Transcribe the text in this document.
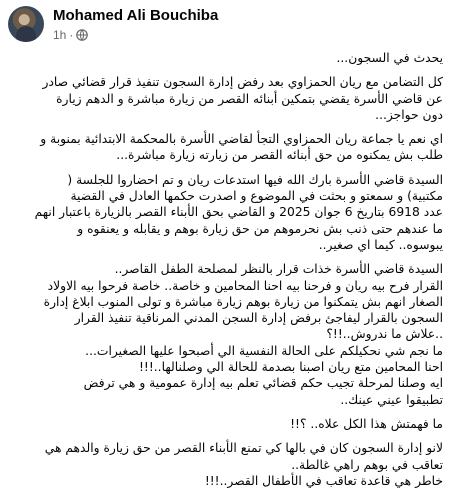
Mohamed Ali Bouchiba
1h ·
يحدث في السجون...
كل التضامن مع ريان الحمزاوي بعد رفض إدارة السجون تنفيذ قرار قضائي صادر
عن قاضي الأسرة يقضي بتمكين أبنائه القصر من زيارة مباشرة و الدهم زيارة
دون حواجز...
اي نعم يا جماعة ريان الحمزاوي التجأ لقاضي الأسرة بالمحكمة الابتدائية بمنوبة و
طلب بش يمكنوه من حق أبنائه القصر من زيارته زيارة مباشرة...
السيدة قاضي الأسرة بارك الله فيها استدعات ريان و تم احضاروا للجلسة (
مكتبية) و سمعتو و بحثت في الموضوع و اصدرت حكمها العادل في القضية
عدد 6918 بتاريخ 6 جوان 2025 و القاضي بحق الأبناء القصر بالزيارة باعتبار انهم
ما عندهم حتى ذنب بش نحرموهم من حق زيارة بوهم و يقابله و يعنقوه و
يبوسوه.. كيما اي صغير..
السيدة قاضي الأسرة خذات قرار بالنظر لمصلحة الطفل القاصر..
القرار فرح بيه ريان و فرحنا بيه احنا المحامين و خاصة.. خاصة فرحوا بيه الاولاد
الصغار انهم بش يتمكنوا من زيارة بوهم زيارة مباشرة و تولى المنوب ابلاغ إدارة
السجون بالقرار ليفاجئ برفض إدارة السجن المدني المرناقية تنفيذ القرار
..علاش ما ندروش..!!؟
ما نجم شي نحكيلكم على الحالة النفسية الي أصبحوا عليها الصغيرات...
احنا المحامين متع ريان اصبنا بصدمة للحالة الي وصلنالها..!!!
ايه وصلنا لمرحلة تجيب حكم قضائي تعلم بيه إدارة عمومية و هي ترفض
تطبيقوا عيني عينك..
ما فهمتش هذا الكل علاه.. ؟!!
لانو إدارة السجون كان في بالها كي تمنع الأبناء القصر من حق زيارة والدهم هي
تعاقب في بوهم راهي غالطة..
خاطر هي قاعدة تعاقب في الأطفال القصر..!!!
